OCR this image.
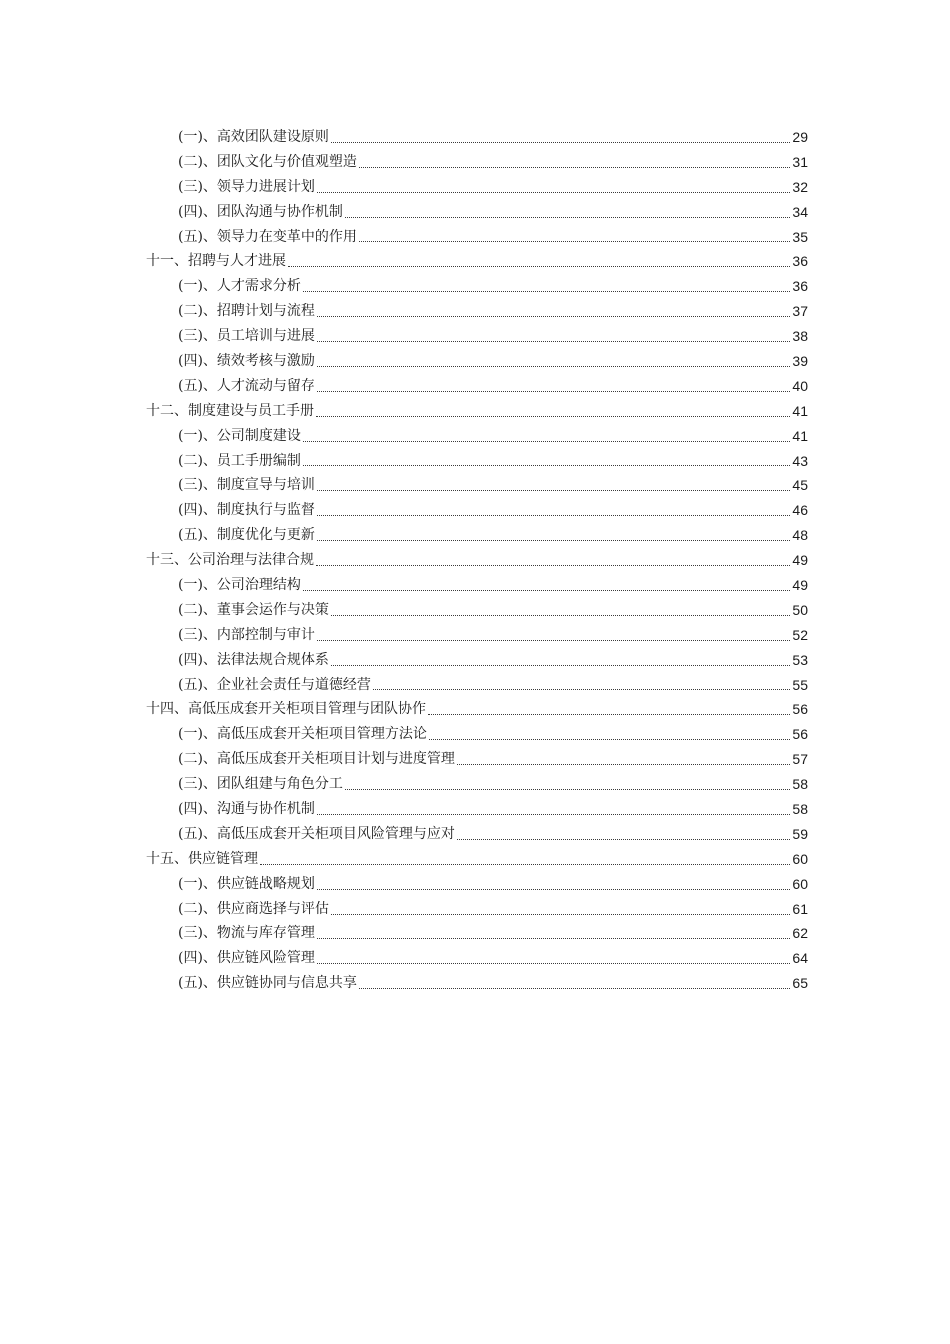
(一)、高效团队建设原则	29
(二)、团队文化与价值观塑造	31
(三)、领导力进展计划	32
(四)、团队沟通与协作机制	34
(五)、领导力在变革中的作用	35
十一、招聘与人才进展	36
(一)、人才需求分析	36
(二)、招聘计划与流程	37
(三)、员工培训与进展	38
(四)、绩效考核与激励	39
(五)、人才流动与留存	40
十二、制度建设与员工手册	41
(一)、公司制度建设	41
(二)、员工手册编制	43
(三)、制度宣导与培训	45
(四)、制度执行与监督	46
(五)、制度优化与更新	48
十三、公司治理与法律合规	49
(一)、公司治理结构	49
(二)、董事会运作与决策	50
(三)、内部控制与审计	52
(四)、法律法规合规体系	53
(五)、企业社会责任与道德经营	55
十四、高低压成套开关柜项目管理与团队协作	56
(一)、高低压成套开关柜项目管理方法论	56
(二)、高低压成套开关柜项目计划与进度管理	57
(三)、团队组建与角色分工	58
(四)、沟通与协作机制	58
(五)、高低压成套开关柜项目风险管理与应对	59
十五、供应链管理	60
(一)、供应链战略规划	60
(二)、供应商选择与评估	61
(三)、物流与库存管理	62
(四)、供应链风险管理	64
(五)、供应链协同与信息共享	65
